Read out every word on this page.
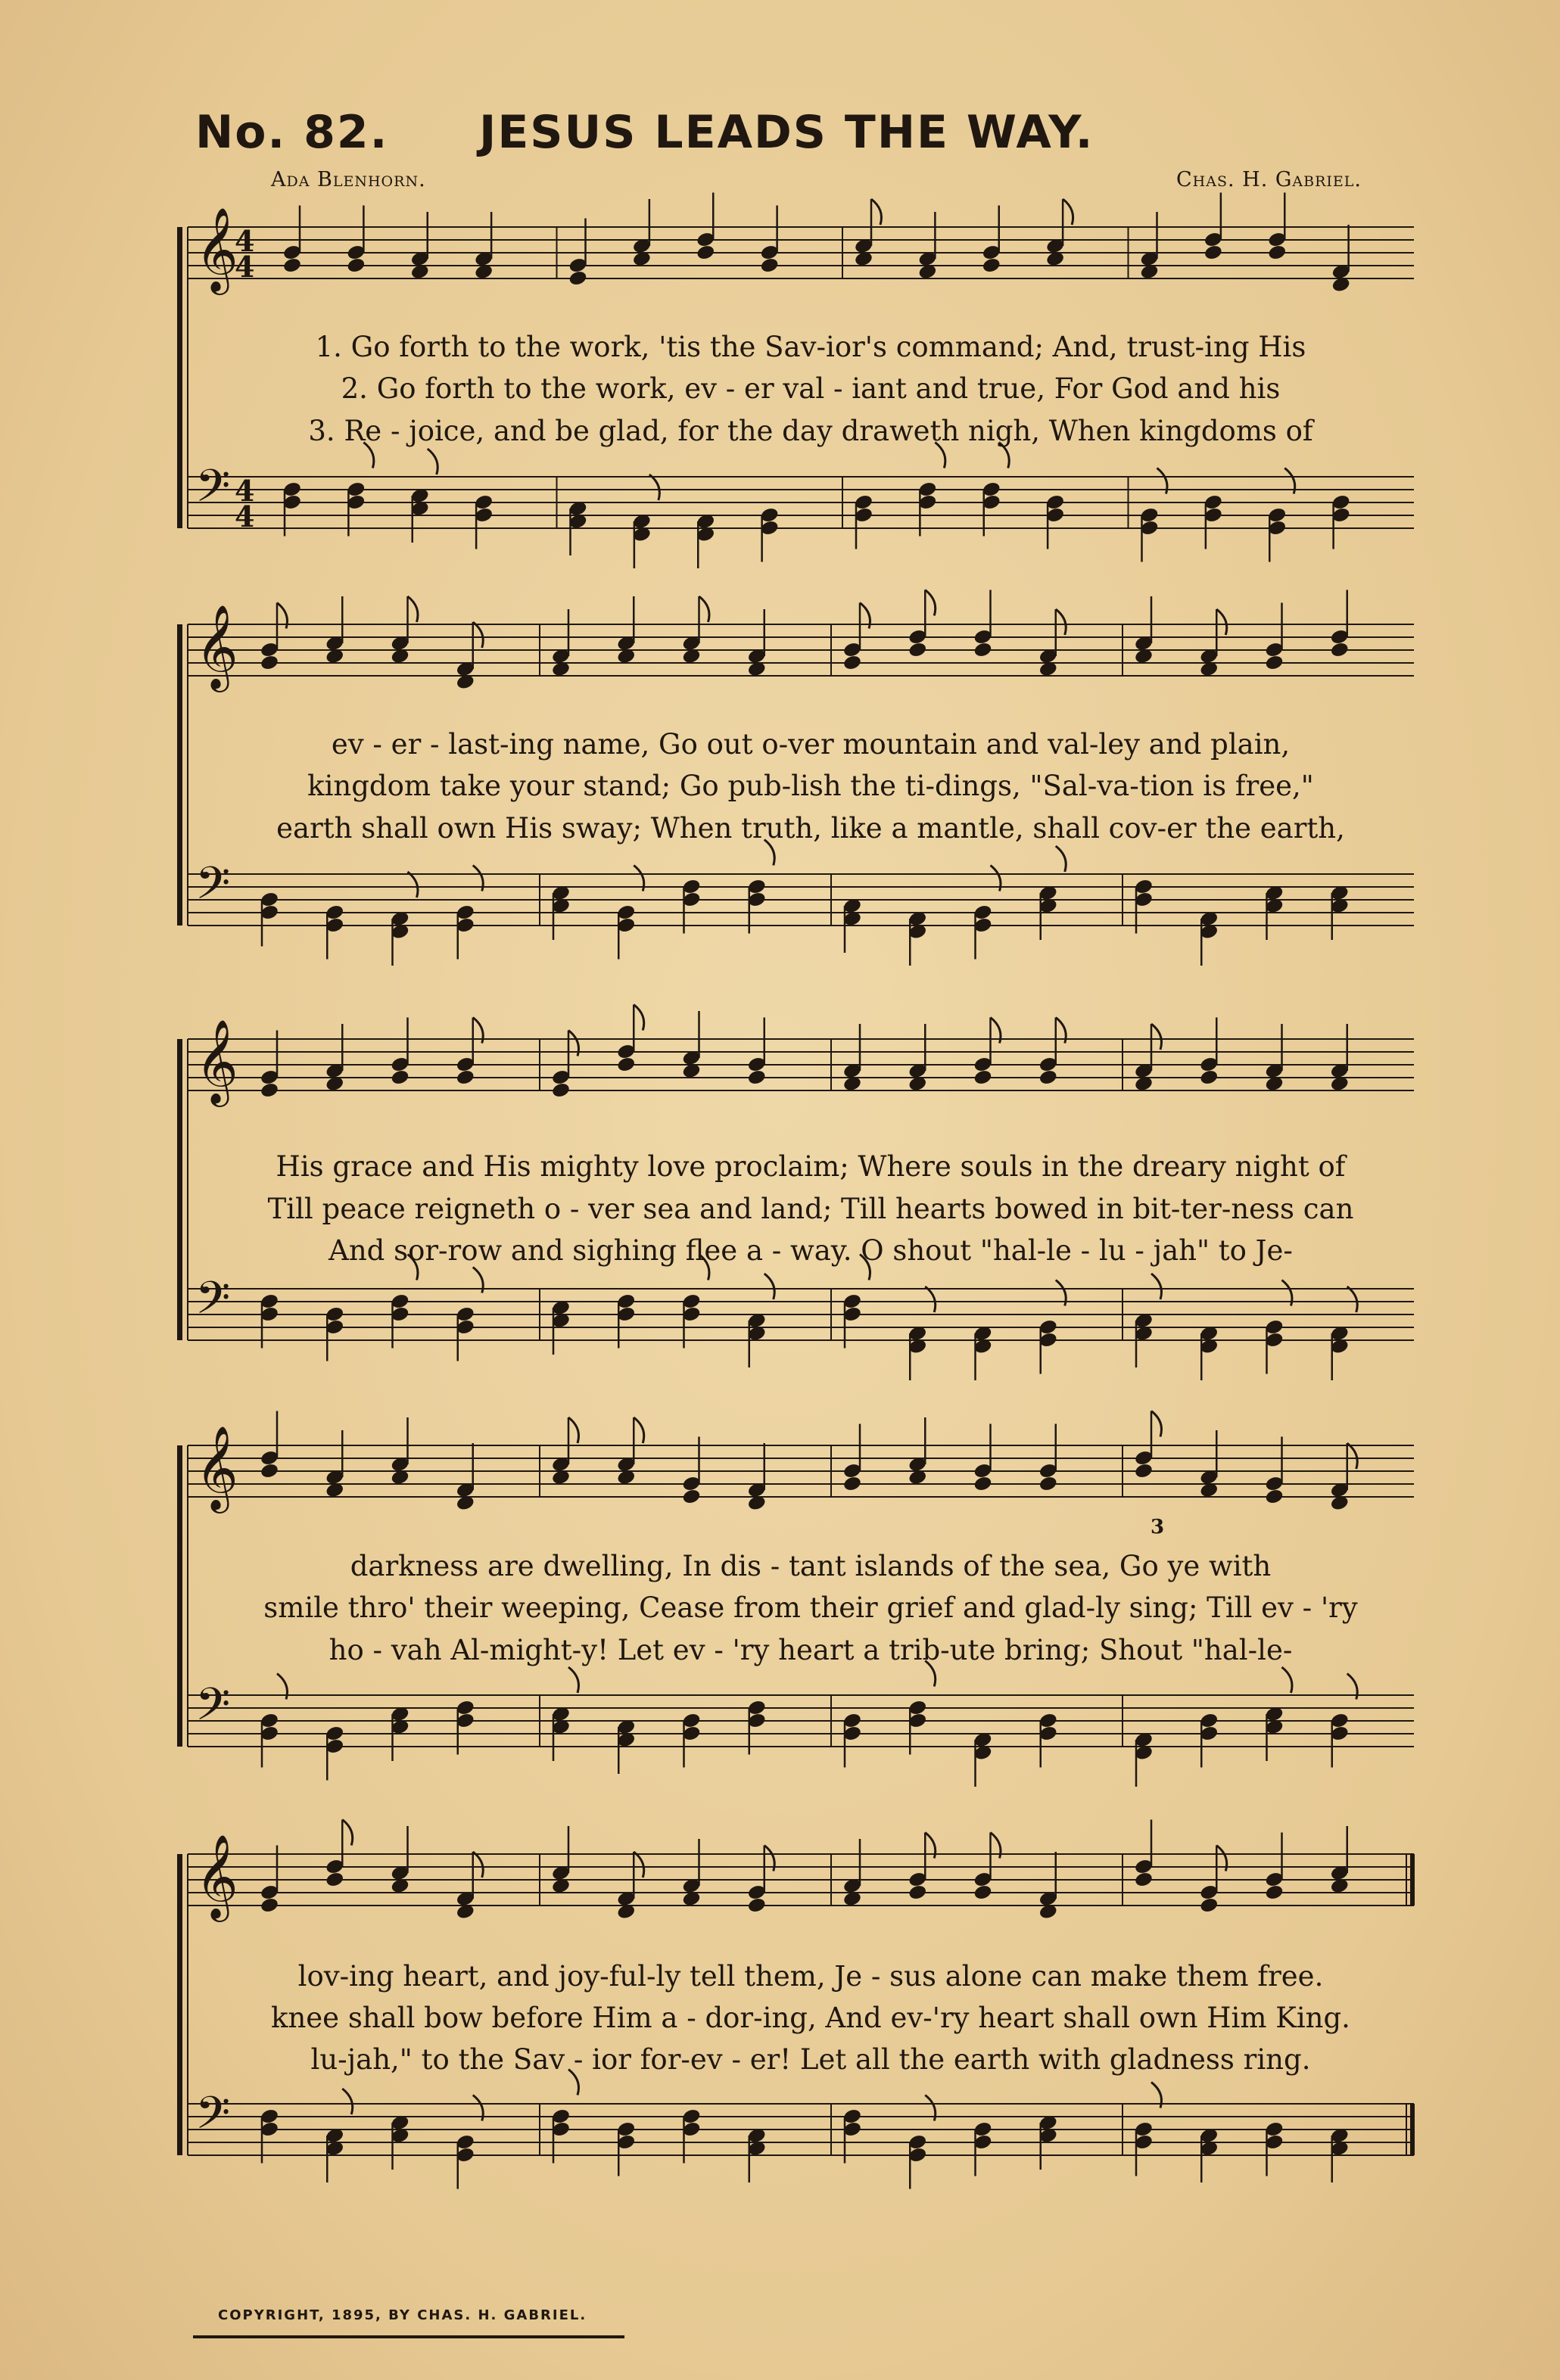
No. 82. JESUS LEADS THE WAY.
Ada Blenhorn.	Chas. H. Gabriel.
𝄞
𝄢
4
4
4
4
1. Go forth to the work, 'tis the Sav-ior's command; And, trust-ing His
2. Go forth to the work, ev - er val - iant and true, For God and his
3. Re - joice, and be glad, for the day draweth nigh, When kingdoms of
𝄞
𝄢
ev - er - last-ing name, Go out o-ver mountain and val-ley and plain,
kingdom take your stand; Go pub-lish the ti-dings, "Sal-va-tion is free,"
earth shall own His sway; When truth, like a mantle, shall cov-er the earth,
𝄞
𝄢
His grace and His mighty love proclaim; Where souls in the dreary night of
Till peace reigneth o - ver sea and land; Till hearts bowed in bit-ter-ness can
And sor-row and sighing flee a - way. O shout "hal-le - lu - jah" to Je-
𝄞
𝄢
3
darkness are dwelling, In dis - tant islands of the sea, Go ye with
smile thro' their weeping, Cease from their grief and glad-ly sing; Till ev - 'ry
ho - vah Al-might-y! Let ev - 'ry heart a trib-ute bring; Shout "hal-le-
𝄞
𝄢
lov-ing heart, and joy-ful-ly tell them, Je - sus alone can make them free.
knee shall bow before Him a - dor-ing, And ev-'ry heart shall own Him King.
lu-jah," to the Sav - ior for-ev - er! Let all the earth with gladness ring.
COPYRIGHT, 1895, BY CHAS. H. GABRIEL.
